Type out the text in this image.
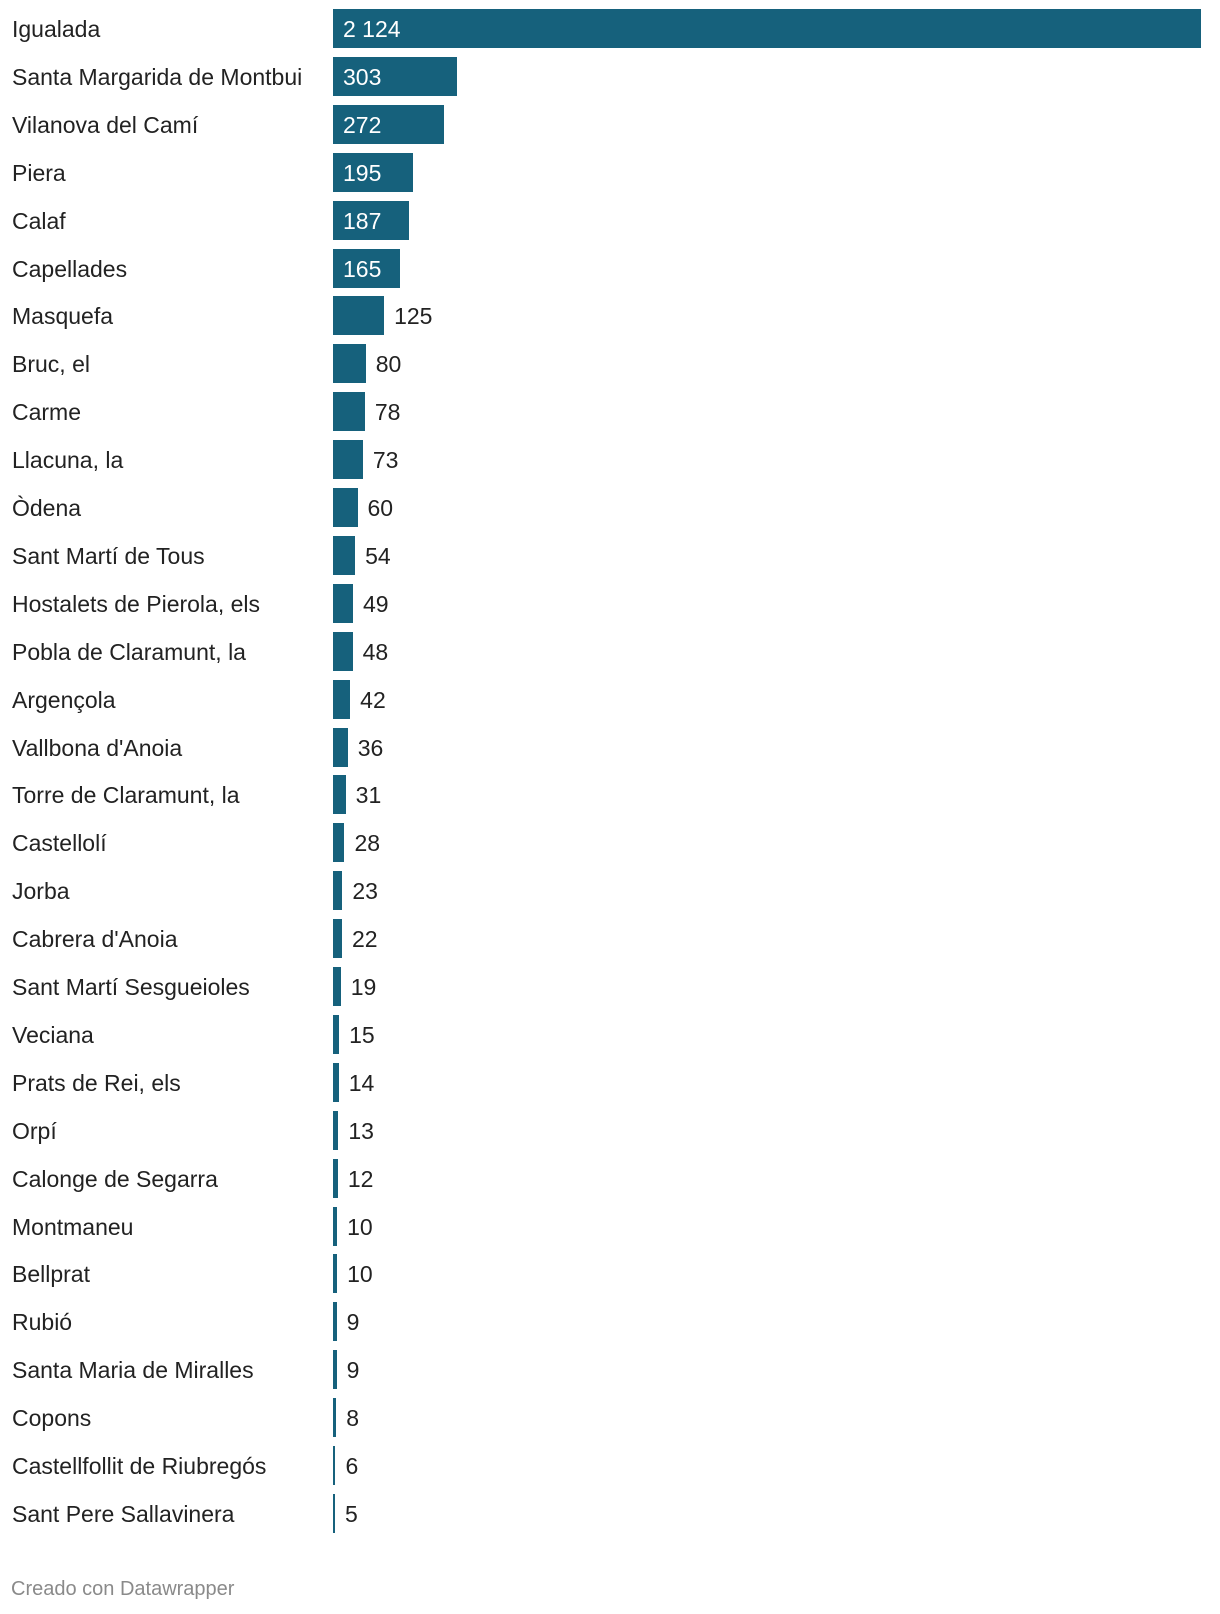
Igualada	2 124
Santa Margarida de Montbui 303
Vilanova del Camí	272
Piera	195
Calaf	187
Capellades	165
Masquefa	125
Bruc, el	80
Carme	78
Llacuna, la	73
Òdena	60
Sant Martí de Tous	54
Hostalets de Pierola, els	49
Pobla de Claramunt, la	48
Argençola	42
Vallbona d'Anoia	36
Torre de Claramunt, la	31
Castellolí	28
Jorba	23
Cabrera d'Anoia	22
Sant Martí Sesgueioles	19
Veciana	15
Prats de Rei, els	14
Orpí	13
Calonge de Segarra	12
Montmaneu	10
Bellprat	10
Rubió	9
Santa Maria de Miralles	9
Copons	8
Castellfollit de Riubregós	6
Sant Pere Sallavinera	5
Creado con Datawrapper
